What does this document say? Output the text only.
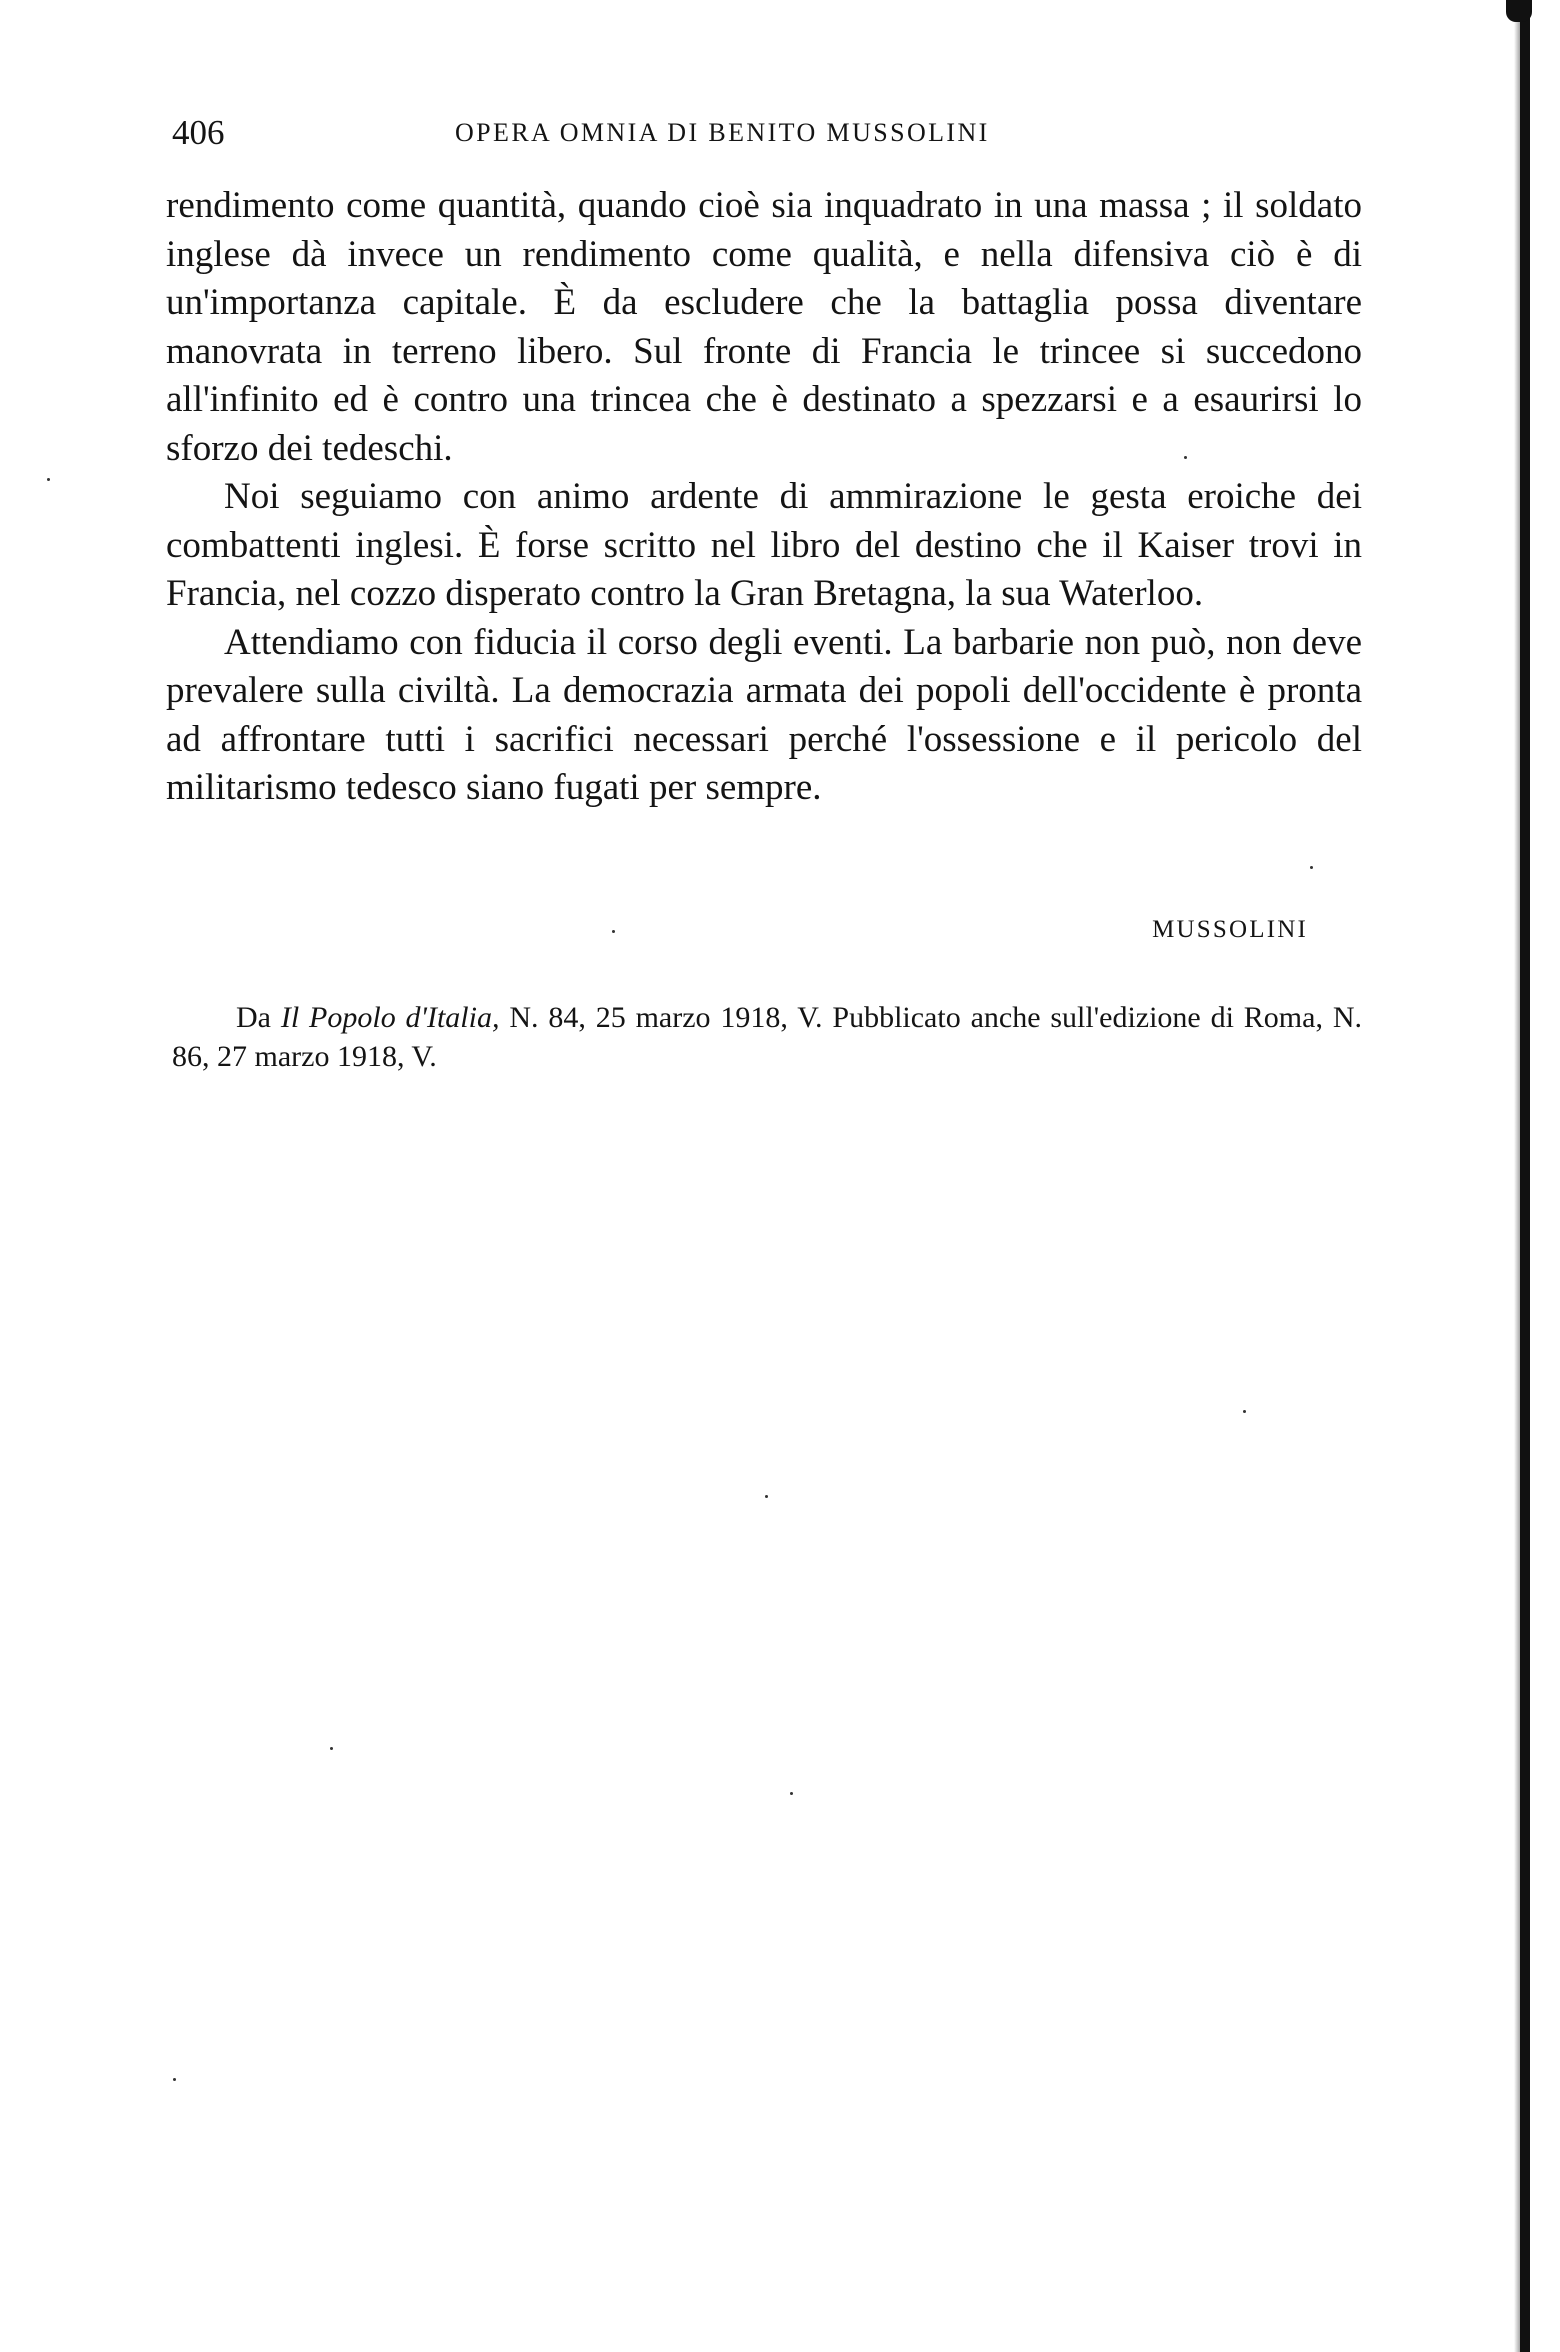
406	OPERA OMNIA DI BENITO MUSSOLINI

rendimento come quantità, quando cioè sia inquadrato in una massa ; il soldato inglese dà invece un rendimento come qualità, e nella difensiva ciò è di un'importanza capitale. È da escludere che la battaglia possa diventare manovrata in terreno libero. Sul fronte di Francia le trincee si succedono all'infinito ed è contro una trincea che è destinato a spezzarsi e a esaurirsi lo sforzo dei tedeschi.

Noi seguiamo con animo ardente di ammirazione le gesta eroiche dei combattenti inglesi. È forse scritto nel libro del destino che il Kaiser trovi in Francia, nel cozzo disperato contro la Gran Bretagna, la sua Waterloo.

Attendiamo con fiducia il corso degli eventi. La barbarie non può, non deve prevalere sulla civiltà. La democrazia armata dei popoli dell'occidente è pronta ad affrontare tutti i sacrifici necessari perché l'ossessione e il pericolo del militarismo tedesco siano fugati per sempre.

MUSSOLINI

Da Il Popolo d'Italia, N. 84, 25 marzo 1918, V. Pubblicato anche sull'edizione di Roma, N. 86, 27 marzo 1918, V.
